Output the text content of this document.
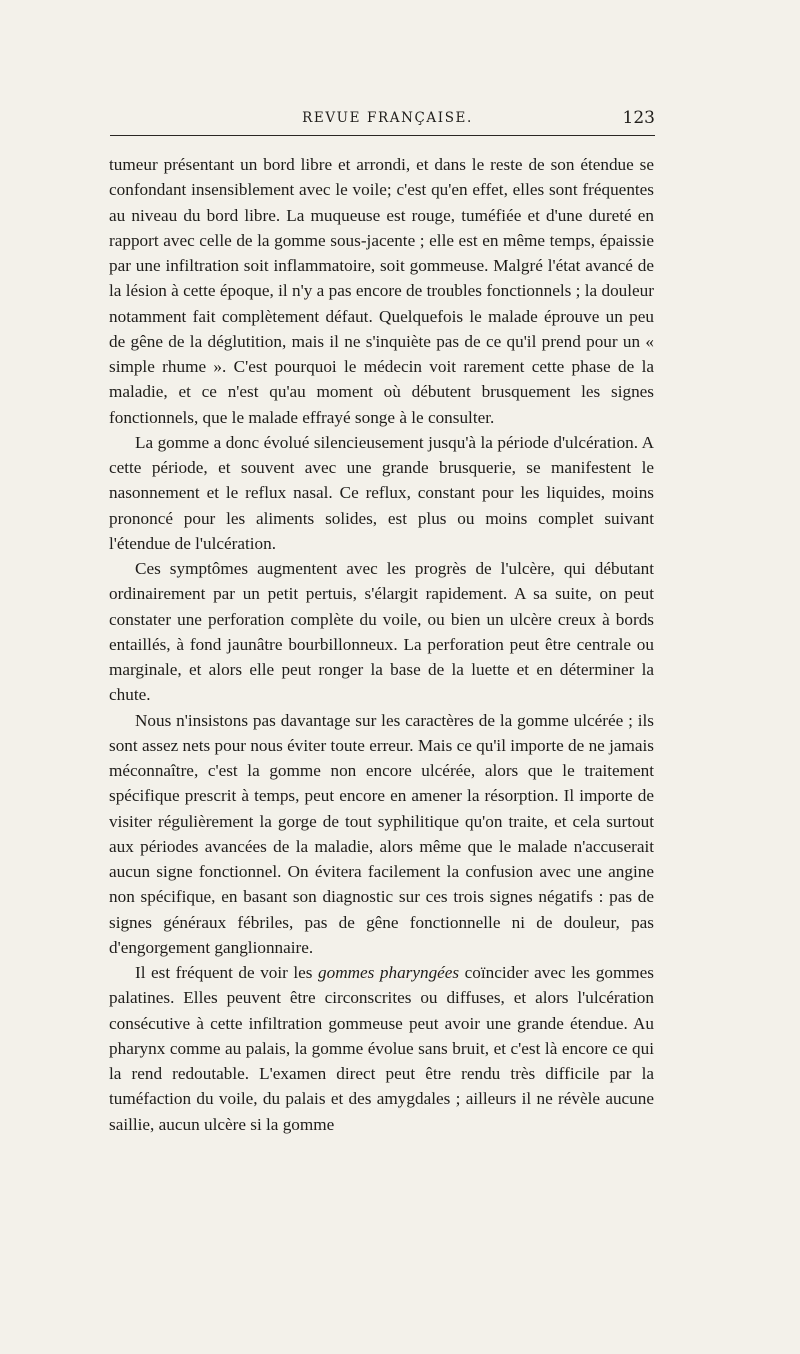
REVUE FRANÇAISE.	123

tumeur présentant un bord libre et arrondi, et dans le reste de son étendue se confondant insensiblement avec le voile; c'est qu'en effet, elles sont fréquentes au niveau du bord libre. La muqueuse est rouge, tuméfiée et d'une dureté en rapport avec celle de la gomme sous-jacente ; elle est en même temps, épaissie par une infiltration soit inflammatoire, soit gommeuse. Malgré l'état avancé de la lésion à cette époque, il n'y a pas encore de troubles fonctionnels ; la douleur notamment fait complètement défaut. Quelquefois le malade éprouve un peu de gêne de la déglutition, mais il ne s'inquiète pas de ce qu'il prend pour un « simple rhume ». C'est pourquoi le médecin voit rarement cette phase de la maladie, et ce n'est qu'au moment où débutent brusquement les signes fonctionnels, que le malade effrayé songe à le consulter.

La gomme a donc évolué silencieusement jusqu'à la période d'ulcération. A cette période, et souvent avec une grande brusquerie, se manifestent le nasonnement et le reflux nasal. Ce reflux, constant pour les liquides, moins prononcé pour les aliments solides, est plus ou moins complet suivant l'étendue de l'ulcération.

Ces symptômes augmentent avec les progrès de l'ulcère, qui débutant ordinairement par un petit pertuis, s'élargit rapidement. A sa suite, on peut constater une perforation complète du voile, ou bien un ulcère creux à bords entaillés, à fond jaunâtre bourbillonneux. La perforation peut être centrale ou marginale, et alors elle peut ronger la base de la luette et en déterminer la chute.

Nous n'insistons pas davantage sur les caractères de la gomme ulcérée ; ils sont assez nets pour nous éviter toute erreur. Mais ce qu'il importe de ne jamais méconnaître, c'est la gomme non encore ulcérée, alors que le traitement spécifique prescrit à temps, peut encore en amener la résorption. Il importe de visiter régulièrement la gorge de tout syphilitique qu'on traite, et cela surtout aux périodes avancées de la maladie, alors même que le malade n'accuserait aucun signe fonctionnel. On évitera facilement la confusion avec une angine non spécifique, en basant son diagnostic sur ces trois signes négatifs : pas de signes généraux fébriles, pas de gêne fonctionnelle ni de douleur, pas d'engorgement ganglionnaire.

Il est fréquent de voir les gommes pharyngées coïncider avec les gommes palatines. Elles peuvent être circonscrites ou diffuses, et alors l'ulcération consécutive à cette infiltration gommeuse peut avoir une grande étendue. Au pharynx comme au palais, la gomme évolue sans bruit, et c'est là encore ce qui la rend redoutable. L'examen direct peut être rendu très difficile par la tuméfaction du voile, du palais et des amygdales ; ailleurs il ne révèle aucune saillie, aucun ulcère si la gomme
